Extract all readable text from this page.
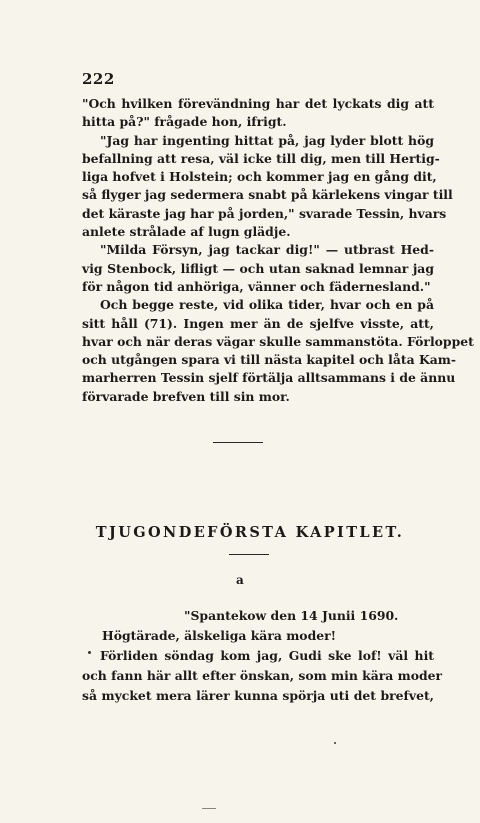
222
"Och hvilken förevändning har det lyckats dig att
hitta på?" frågade hon, ifrigt.
"Jag har ingenting hittat på, jag lyder blott hög
befallning att resa, väl icke till dig, men till Hertig-
liga hofvet i Holstein; och kommer jag en gång dit,
så flyger jag sedermera snabt på kärlekens vingar till
det käraste jag har på jorden," svarade Tessin, hvars
anlete strålade af lugn glädje.
"Milda Försyn, jag tackar dig!" — utbrast Hed-
vig Stenbock, lifligt — och utan saknad lemnar jag
för någon tid anhöriga, vänner och fädernesland."
Och begge reste, vid olika tider, hvar och en på
sitt håll (71). Ingen mer än de sjelfve visste, att,
hvar och när deras vägar skulle sammanstöta. Förloppet
och utgången spara vi till nästa kapitel och låta Kam-
marherren Tessin sjelf förtälja alltsammans i de ännu
förvarade brefven till sin mor.
TJUGONDEFÖRSTA KAPITLET.
a
"Spantekow den 14 Junii 1690.
Högtärade, älskeliga kära moder!
Förliden söndag kom jag, Gudi ske lof! väl hit
och fann här allt efter önskan, som min kära moder
så mycket mera lärer kunna spörja uti det brefvet,
